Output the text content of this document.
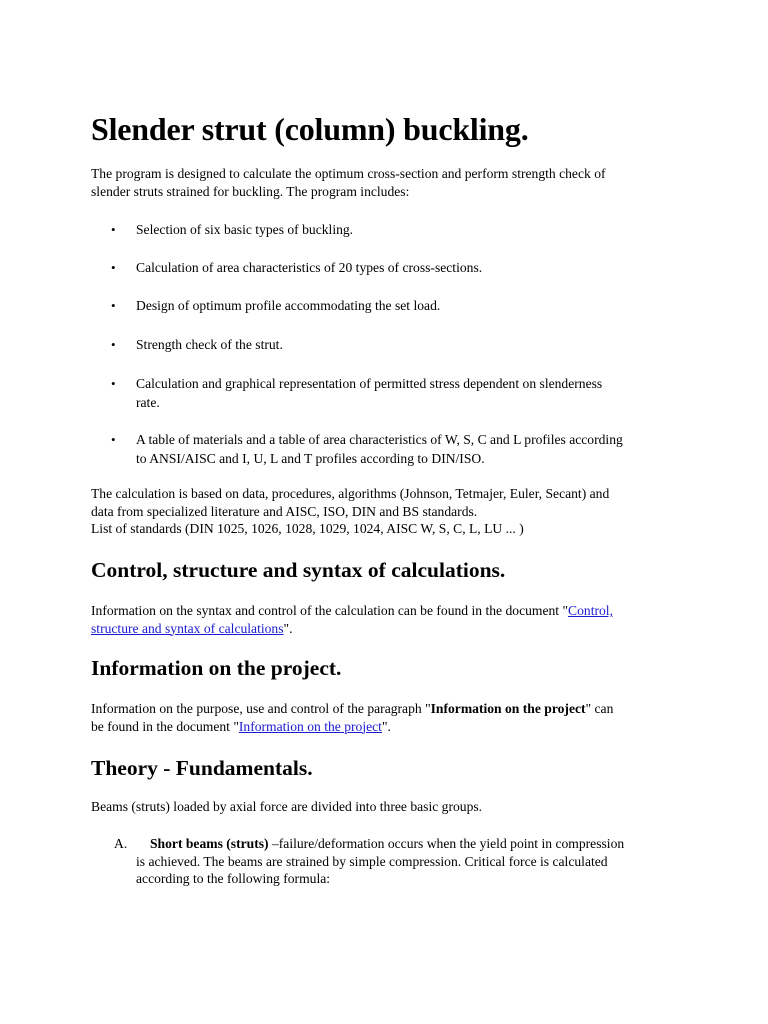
Slender strut (column) buckling.
The program is designed to calculate the optimum cross-section and perform strength check of
slender struts strained for buckling. The program includes:
•	Selection of six basic types of buckling.
•	Calculation of area characteristics of 20 types of cross-sections.
•	Design of optimum profile accommodating the set load.
•	Strength check of the strut.
•	Calculation and graphical representation of permitted stress dependent on slenderness
rate.
•	A table of materials and a table of area characteristics of W, S, C and L profiles according
to ANSI/AISC and I, U, L and T profiles according to DIN/ISO.
The calculation is based on data, procedures, algorithms (Johnson, Tetmajer, Euler, Secant) and
data from specialized literature and AISC, ISO, DIN and BS standards.
List of standards (DIN 1025, 1026, 1028, 1029, 1024, AISC W, S, C, L, LU ... )
Control, structure and syntax of calculations.
Information on the syntax and control of the calculation can be found in the document "Control,
structure and syntax of calculations".
Information on the project.
Information on the purpose, use and control of the paragraph "Information on the project" can
be found in the document "Information on the project".
Theory - Fundamentals.
Beams (struts) loaded by axial force are divided into three basic groups.
A.	Short beams (struts) –failure/deformation occurs when the yield point in compression
is achieved. The beams are strained by simple compression. Critical force is calculated
according to the following formula:
